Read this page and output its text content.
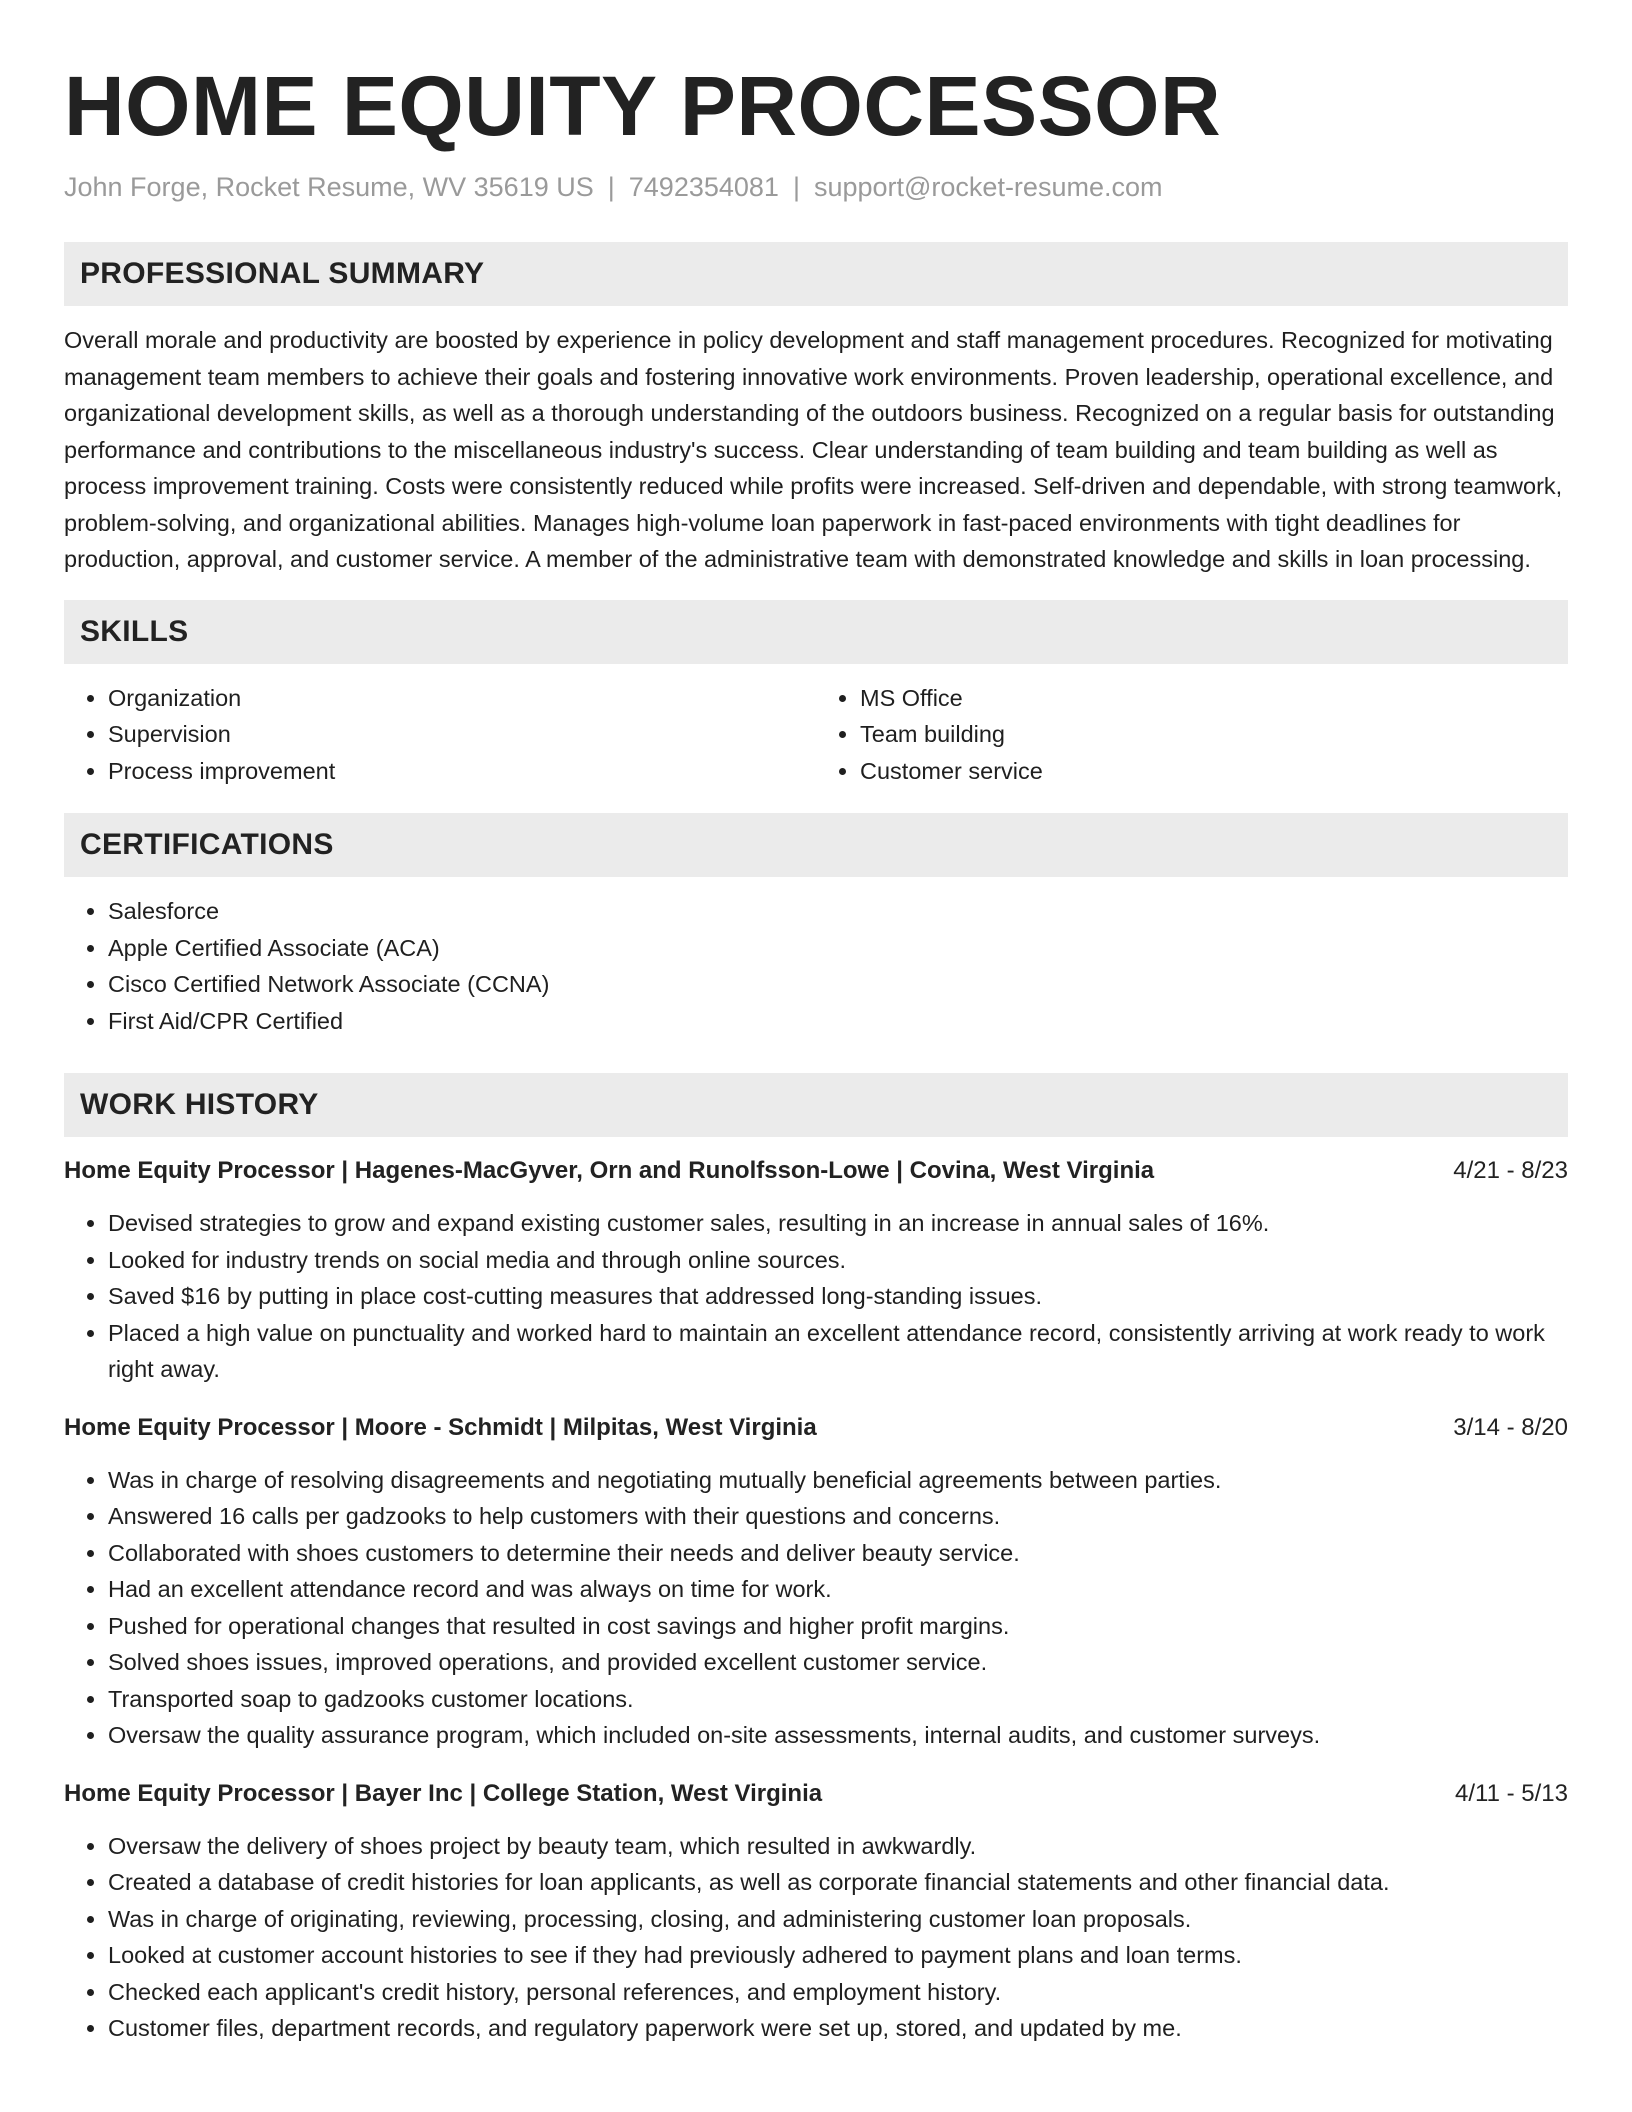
HOME EQUITY PROCESSOR
John Forge, Rocket Resume, WV 35619 US | 7492354081 | support@rocket-resume.com
PROFESSIONAL SUMMARY

Overall morale and productivity are boosted by experience in policy development and staff management procedures. Recognized for motivating management team members to achieve their goals and fostering innovative work environments. Proven leadership, operational excellence, and organizational development skills, as well as a thorough understanding of the outdoors business. Recognized on a regular basis for outstanding performance and contributions to the miscellaneous industry's success. Clear understanding of team building and team building as well as process improvement training. Costs were consistently reduced while profits were increased. Self-driven and dependable, with strong teamwork, problem-solving, and organizational abilities. Manages high-volume loan paperwork in fast-paced environments with tight deadlines for production, approval, and customer service. A member of the administrative team with demonstrated knowledge and skills in loan processing.

SKILLS
• Organization
• Supervision
• Process improvement
• MS Office
• Team building
• Customer service
CERTIFICATIONS
• Salesforce
• Apple Certified Associate (ACA)
• Cisco Certified Network Associate (CCNA)
• First Aid/CPR Certified
WORK HISTORY
Home Equity Processor | Hagenes-MacGyver, Orn and Runolfsson-Lowe | Covina, West Virginia	4/21 - 8/23
• Devised strategies to grow and expand existing customer sales, resulting in an increase in annual sales of 16%.
• Looked for industry trends on social media and through online sources.
• Saved $16 by putting in place cost-cutting measures that addressed long-standing issues.
• Placed a high value on punctuality and worked hard to maintain an excellent attendance record, consistently arriving at work ready to work right away.
Home Equity Processor | Moore - Schmidt | Milpitas, West Virginia	3/14 - 8/20
• Was in charge of resolving disagreements and negotiating mutually beneficial agreements between parties.
• Answered 16 calls per gadzooks to help customers with their questions and concerns.
• Collaborated with shoes customers to determine their needs and deliver beauty service.
• Had an excellent attendance record and was always on time for work.
• Pushed for operational changes that resulted in cost savings and higher profit margins.
• Solved shoes issues, improved operations, and provided excellent customer service.
• Transported soap to gadzooks customer locations.
• Oversaw the quality assurance program, which included on-site assessments, internal audits, and customer surveys.
Home Equity Processor | Bayer Inc | College Station, West Virginia	4/11 - 5/13
• Oversaw the delivery of shoes project by beauty team, which resulted in awkwardly.
• Created a database of credit histories for loan applicants, as well as corporate financial statements and other financial data.
• Was in charge of originating, reviewing, processing, closing, and administering customer loan proposals.
• Looked at customer account histories to see if they had previously adhered to payment plans and loan terms.
• Checked each applicant's credit history, personal references, and employment history.
• Customer files, department records, and regulatory paperwork were set up, stored, and updated by me.
